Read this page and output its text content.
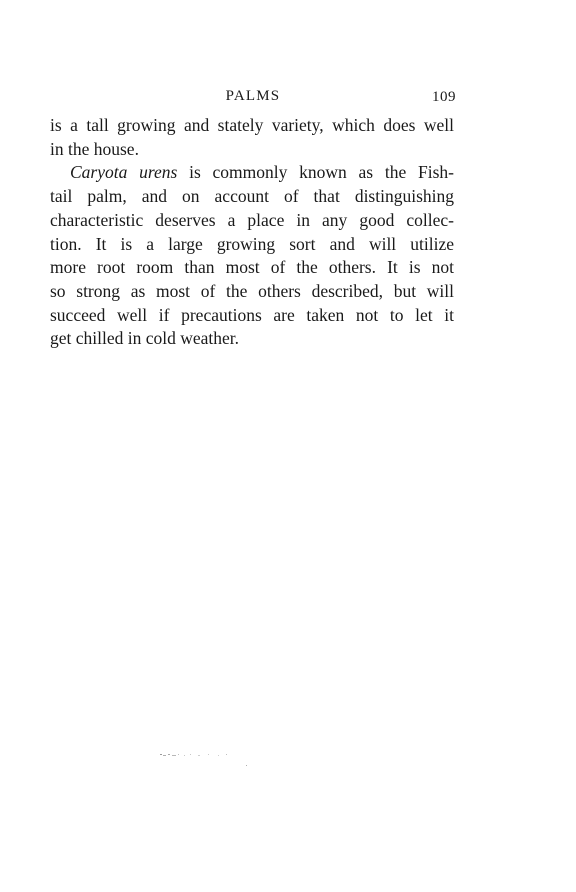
PALMS	109
is a tall growing and stately variety, which does well
in the house.
Caryota urens is commonly known as the Fish-
tail palm, and on account of that distinguishing
characteristic deserves a place in any good collec-
tion. It is a large growing sort and will utilize
more root room than most of the others. It is not
so strong as most of the others described, but will
succeed well if precautions are taken not to let it
get chilled in cold weather.
